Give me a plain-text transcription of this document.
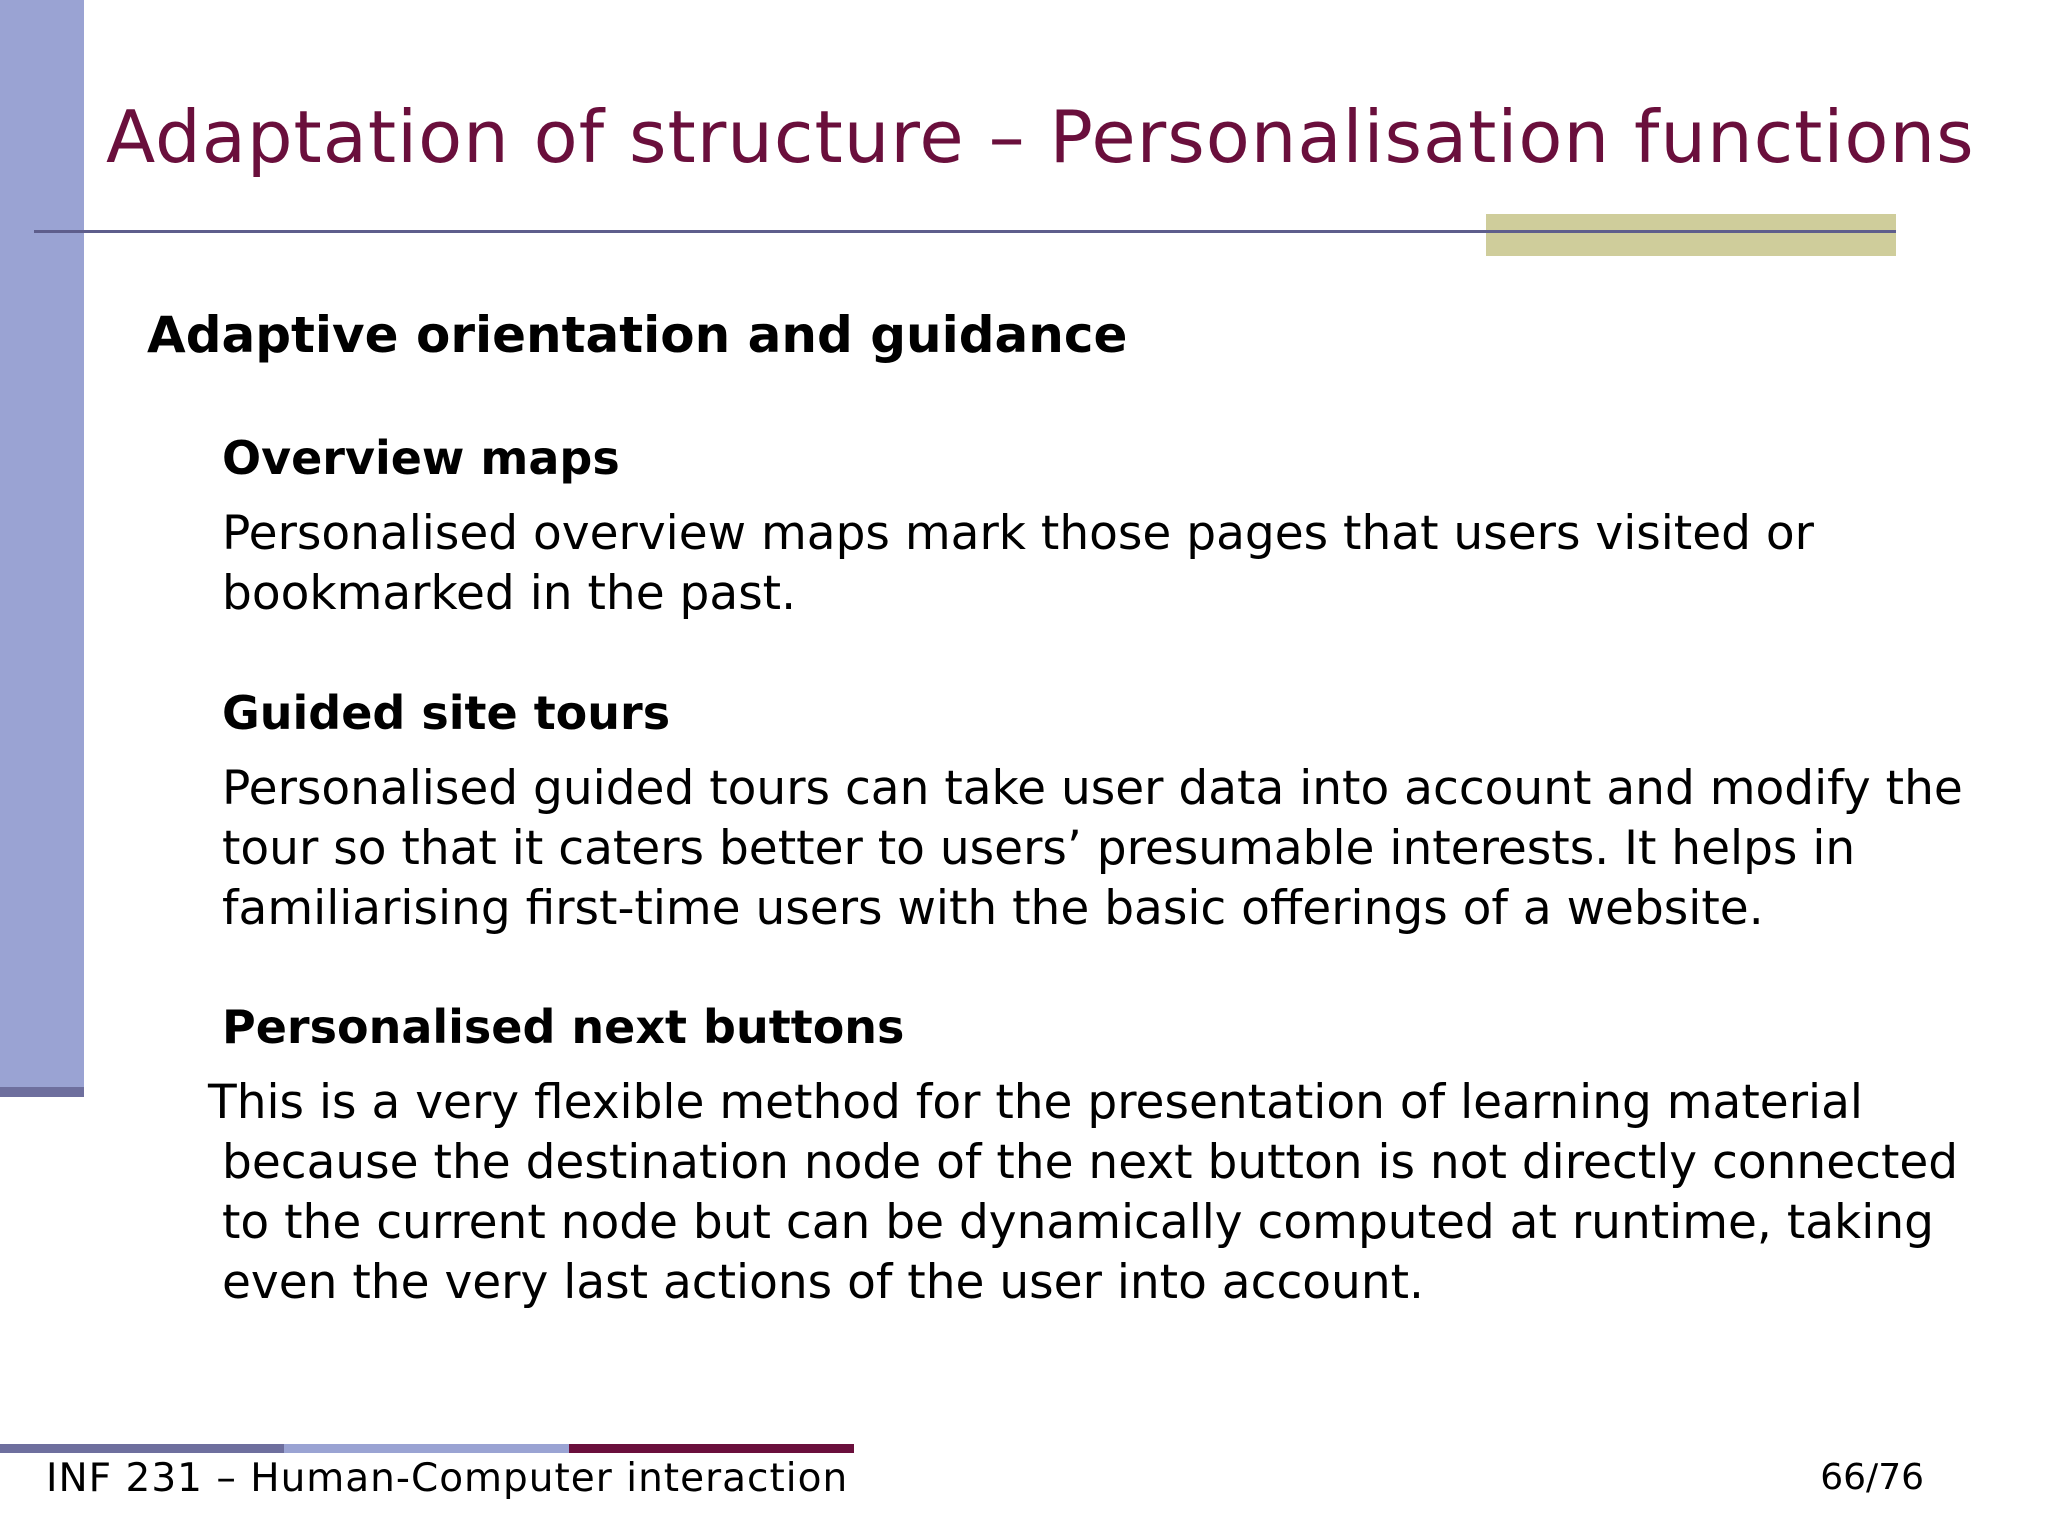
Adaptation of structure – Personalisation functions
Adaptive orientation and guidance
Overview maps

Personalised overview maps mark those pages that users visited or
bookmarked in the past.

Guided site tours

Personalised guided tours can take user data into account and modify the
tour so that it caters better to users’ presumable interests. It helps in
familiarising first-time users with the basic offerings of a website.

Personalised next buttons

This is a very flexible method for the presentation of learning material
because the destination node of the next button is not directly connected
to the current node but can be dynamically computed at runtime, taking
even the very last actions of the user into account.

INF 231 – Human-Computer interaction	66/76
